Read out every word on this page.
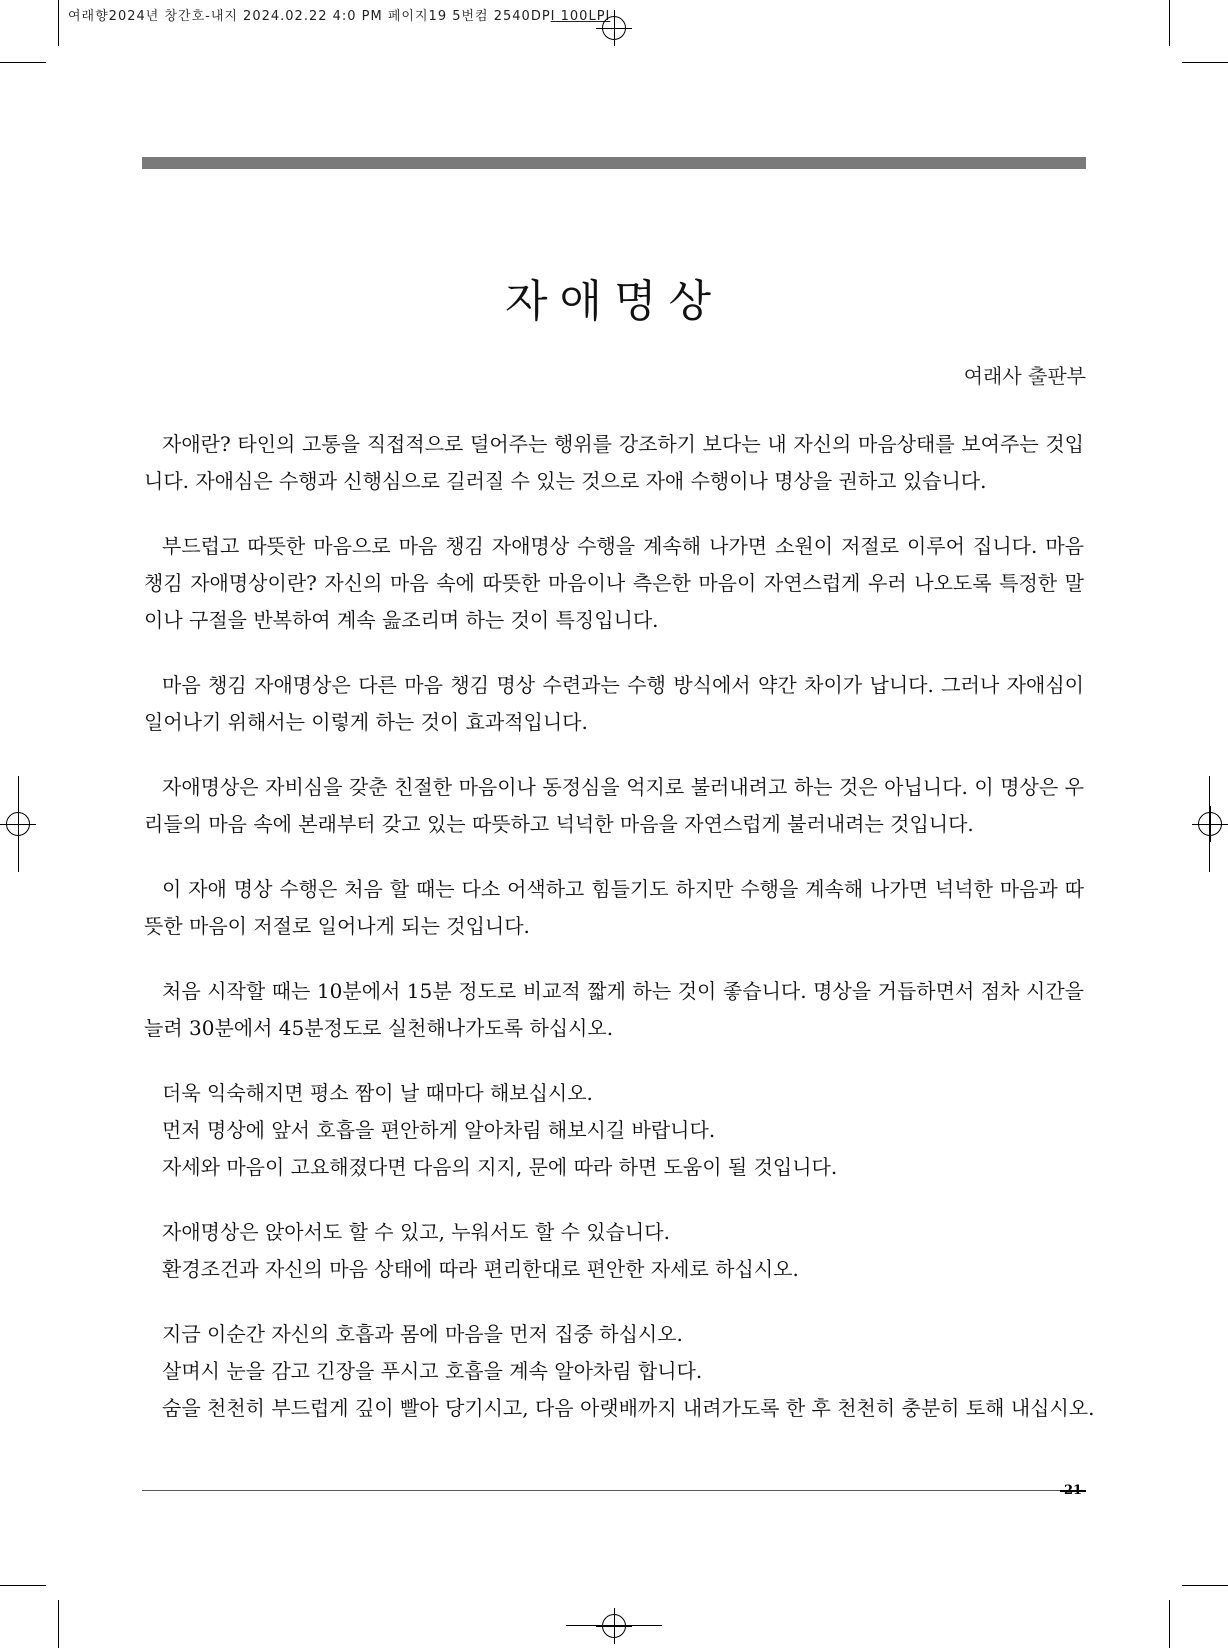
여래향2024년 창간호-내지 2024.02.22 4:0 PM 페이지19 5번컴 2540DPI 100LPI
자애명상
여래사 출판부

자애란? 타인의 고통을 직접적으로 덜어주는 행위를 강조하기 보다는 내 자신의 마음상태를 보여주는 것입니다. 자애심은 수행과 신행심으로 길러질 수 있는 것으로 자애 수행이나 명상을 권하고 있습니다.

부드럽고 따뜻한 마음으로 마음 챙김 자애명상 수행을 계속해 나가면 소원이 저절로 이루어 집니다. 마음 챙김 자애명상이란? 자신의 마음 속에 따뜻한 마음이나 측은한 마음이 자연스럽게 우러 나오도록 특정한 말이나 구절을 반복하여 계속 읊조리며 하는 것이 특징입니다.

마음 챙김 자애명상은 다른 마음 챙김 명상 수련과는 수행 방식에서 약간 차이가 납니다. 그러나 자애심이 일어나기 위해서는 이렇게 하는 것이 효과적입니다.

자애명상은 자비심을 갖춘 친절한 마음이나 동정심을 억지로 불러내려고 하는 것은 아닙니다. 이 명상은 우리들의 마음 속에 본래부터 갖고 있는 따뜻하고 넉넉한 마음을 자연스럽게 불러내려는 것입니다.

이 자애 명상 수행은 처음 할 때는 다소 어색하고 힘들기도 하지만 수행을 계속해 나가면 넉넉한 마음과 따뜻한 마음이 저절로 일어나게 되는 것입니다.

처음 시작할 때는 10분에서 15분 정도로 비교적 짧게 하는 것이 좋습니다. 명상을 거듭하면서 점차 시간을 늘려 30분에서 45분정도로 실천해나가도록 하십시오.

더욱 익숙해지면 평소 짬이 날 때마다 해보십시오.
먼저 명상에 앞서 호흡을 편안하게 알아차림 해보시길 바랍니다.
자세와 마음이 고요해졌다면 다음의 지지, 문에 따라 하면 도움이 될 것입니다.
자애명상은 앉아서도 할 수 있고, 누워서도 할 수 있습니다.
환경조건과 자신의 마음 상태에 따라 편리한대로 편안한 자세로 하십시오.
지금 이순간 자신의 호흡과 몸에 마음을 먼저 집중 하십시오.
살며시 눈을 감고 긴장을 푸시고 호흡을 계속 알아차림 합니다.
숨을 천천히 부드럽게 깊이 빨아 당기시고, 다음 아랫배까지 내려가도록 한 후 천천히 충분히 토해 내십시오.
21
